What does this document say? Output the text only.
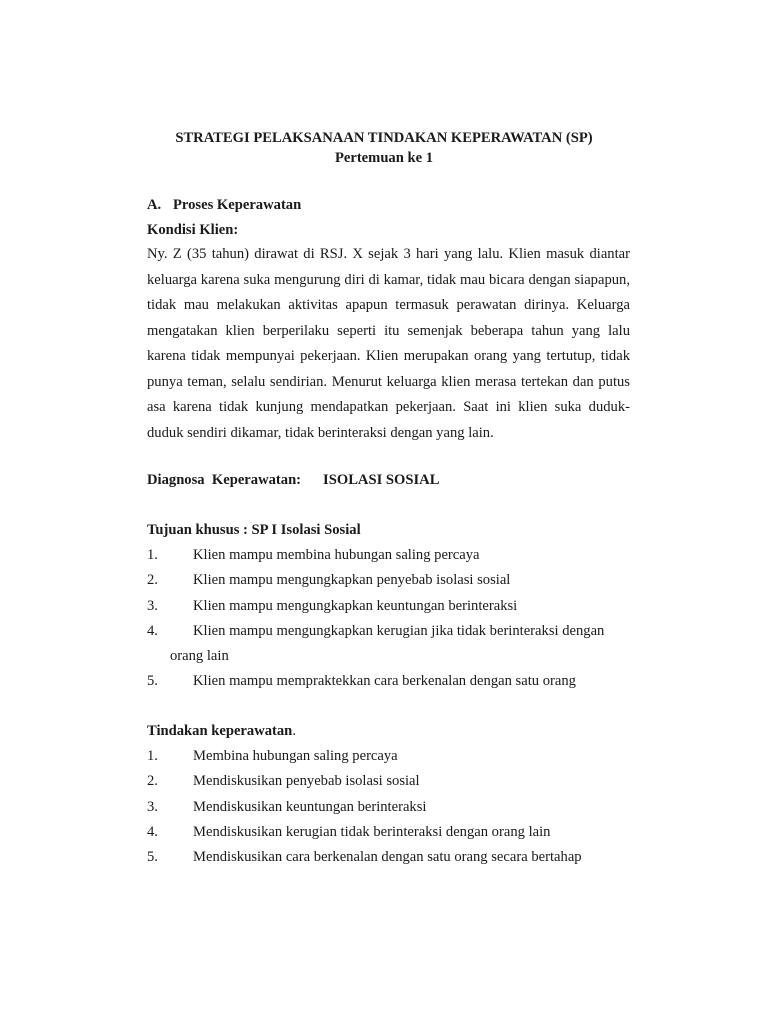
STRATEGI PELAKSANAAN TINDAKAN KEPERAWATAN (SP)
Pertemuan ke 1
A. Proses Keperawatan
Kondisi Klien:

Ny. Z (35 tahun) dirawat di RSJ. X sejak 3 hari yang lalu. Klien masuk diantar keluarga karena suka mengurung diri di kamar, tidak mau bicara dengan siapapun, tidak mau melakukan aktivitas apapun termasuk perawatan dirinya. Keluarga mengatakan klien berperilaku seperti itu semenjak beberapa tahun yang lalu karena tidak mempunyai pekerjaan. Klien merupakan orang yang tertutup, tidak punya teman, selalu sendirian. Menurut keluarga klien merasa tertekan dan putus asa karena tidak kunjung mendapatkan pekerjaan. Saat ini klien suka duduk-duduk sendiri dikamar, tidak berinteraksi dengan yang lain.

Diagnosa  Keperawatan: ISOLASI SOSIAL
Tujuan khusus : SP I Isolasi Sosial
1. Klien mampu membina hubungan saling percaya
2. Klien mampu mengungkapkan penyebab isolasi sosial
3. Klien mampu mengungkapkan keuntungan berinteraksi
4. Klien mampu mengungkapkan kerugian jika tidak berinteraksi dengan
orang lain
5. Klien mampu mempraktekkan cara berkenalan dengan satu orang
Tindakan keperawatan.
1. Membina hubungan saling percaya
2. Mendiskusikan penyebab isolasi sosial
3. Mendiskusikan keuntungan berinteraksi
4. Mendiskusikan kerugian tidak berinteraksi dengan orang lain
5. Mendiskusikan cara berkenalan dengan satu orang secara bertahap
